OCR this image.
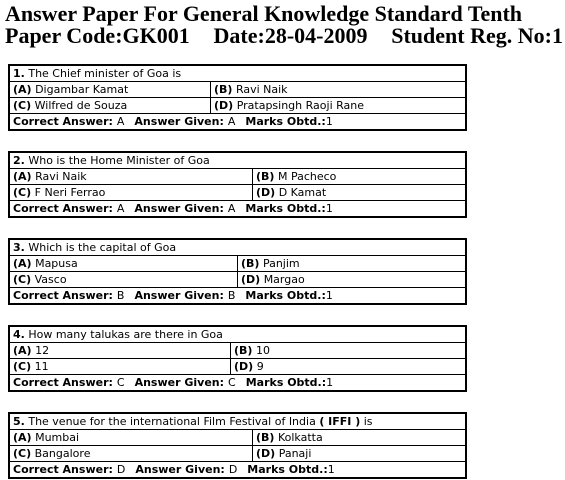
Answer Paper For General Knowledge Standard Tenth
Paper Code:GK001 Date:28-04-2009 Student Reg. No:1
1. The Chief minister of Goa is
(A) Digambar Kamat	(B) Ravi Naik
(C) Wilfred de Souza	(D) Pratapsingh Raoji Rane
Correct Answer: A Answer Given: A Marks Obtd.:1
2. Who is the Home Minister of Goa
(A) Ravi Naik	(B) M Pacheco
(C) F Neri Ferrao	(D) D Kamat
Correct Answer: A Answer Given: A Marks Obtd.:1
3. Which is the capital of Goa
(A) Mapusa	(B) Panjim
(C) Vasco	(D) Margao
Correct Answer: B Answer Given: B Marks Obtd.:1
4. How many talukas are there in Goa
(A) 12	(B) 10
(C) 11	(D) 9
Correct Answer: C Answer Given: C Marks Obtd.:1
5. The venue for the international Film Festival of India ( IFFI ) is
(A) Mumbai	(B) Kolkatta
(C) Bangalore	(D) Panaji
Correct Answer: D Answer Given: D Marks Obtd.:1
